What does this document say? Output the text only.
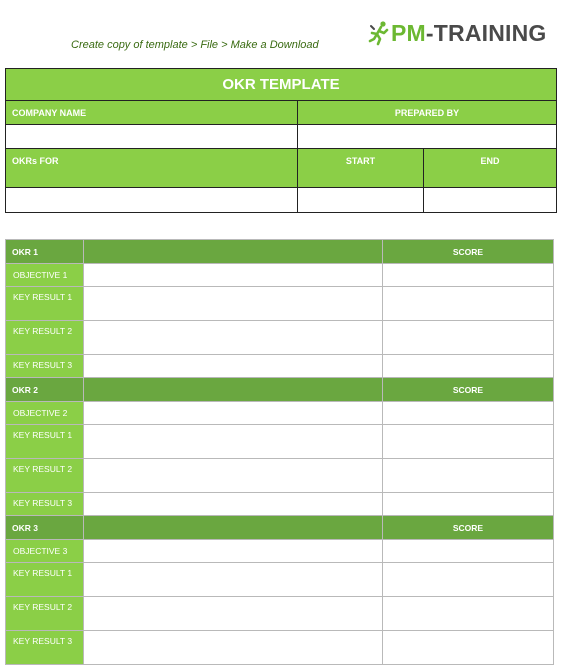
Create copy of template > File > Make a Download	PM-TRAINING
OKR TEMPLATE		
COMPANY NAME	PREPARED BY	

OKRs FOR	START	END

OKR 1		SCORE
OBJECTIVE 1		
KEY RESULT 1		
KEY RESULT 2		
KEY RESULT 3		
OKR 2		SCORE
OBJECTIVE 2		
KEY RESULT 1		
KEY RESULT 2		
KEY RESULT 3		
OKR 3		SCORE
OBJECTIVE 3		
KEY RESULT 1		
KEY RESULT 2		
KEY RESULT 3		
